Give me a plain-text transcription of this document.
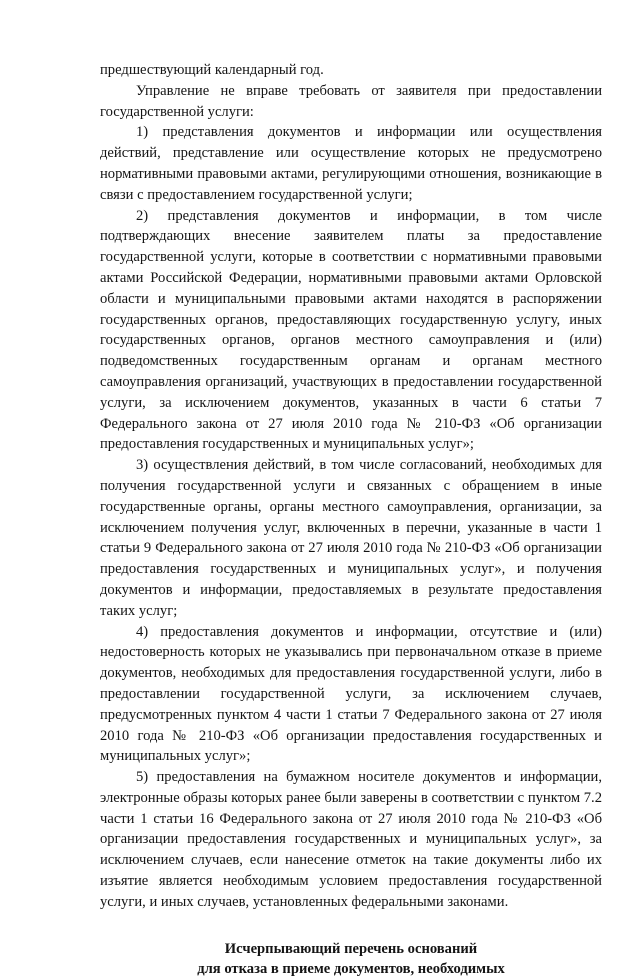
предшествующий календарный год.

Управление не вправе требовать от заявителя при предоставлении государственной услуги:

1) представления документов и информации или осуществления действий, представление или осуществление которых не предусмотрено нормативными правовыми актами, регулирующими отношения, возникающие в связи с предоставлением государственной услуги;

2) представления документов и информации, в том числе подтверждающих внесение заявителем платы за предоставление государственной услуги, которые в соответствии с нормативными правовыми актами Российской Федерации, нормативными правовыми актами Орловской области и муниципальными правовыми актами находятся в распоряжении государственных органов, предоставляющих государственную услугу, иных государственных органов, органов местного самоуправления и (или) подведомственных государственным органам и органам местного самоуправления организаций, участвующих в предоставлении государственной услуги, за исключением документов, указанных в части 6 статьи 7 Федерального закона от 27 июля 2010 года № 210-ФЗ «Об организации предоставления государственных и муниципальных услуг»;

3) осуществления действий, в том числе согласований, необходимых для получения государственной услуги и связанных с обращением в иные государственные органы, органы местного самоуправления, организации, за исключением получения услуг, включенных в перечни, указанные в части 1 статьи 9 Федерального закона от 27 июля 2010 года № 210-ФЗ «Об организации предоставления государственных и муниципальных услуг», и получения документов и информации, предоставляемых в результате предоставления таких услуг;

4) предоставления документов и информации, отсутствие и (или) недостоверность которых не указывались при первоначальном отказе в приеме документов, необходимых для предоставления государственной услуги, либо в предоставлении государственной услуги, за исключением случаев, предусмотренных пунктом 4 части 1 статьи 7 Федерального закона от 27 июля 2010 года № 210-ФЗ «Об организации предоставления государственных и муниципальных услуг»;

5) предоставления на бумажном носителе документов и информации, электронные образы которых ранее были заверены в соответствии с пунктом 7.2 части 1 статьи 16 Федерального закона от 27 июля 2010 года № 210-ФЗ «Об организации предоставления государственных и муниципальных услуг», за исключением случаев, если нанесение отметок на такие документы либо их изъятие является необходимым условием предоставления государственной услуги, и иных случаев, установленных федеральными законами.

Исчерпывающий перечень оснований
для отказа в приеме документов, необходимых
